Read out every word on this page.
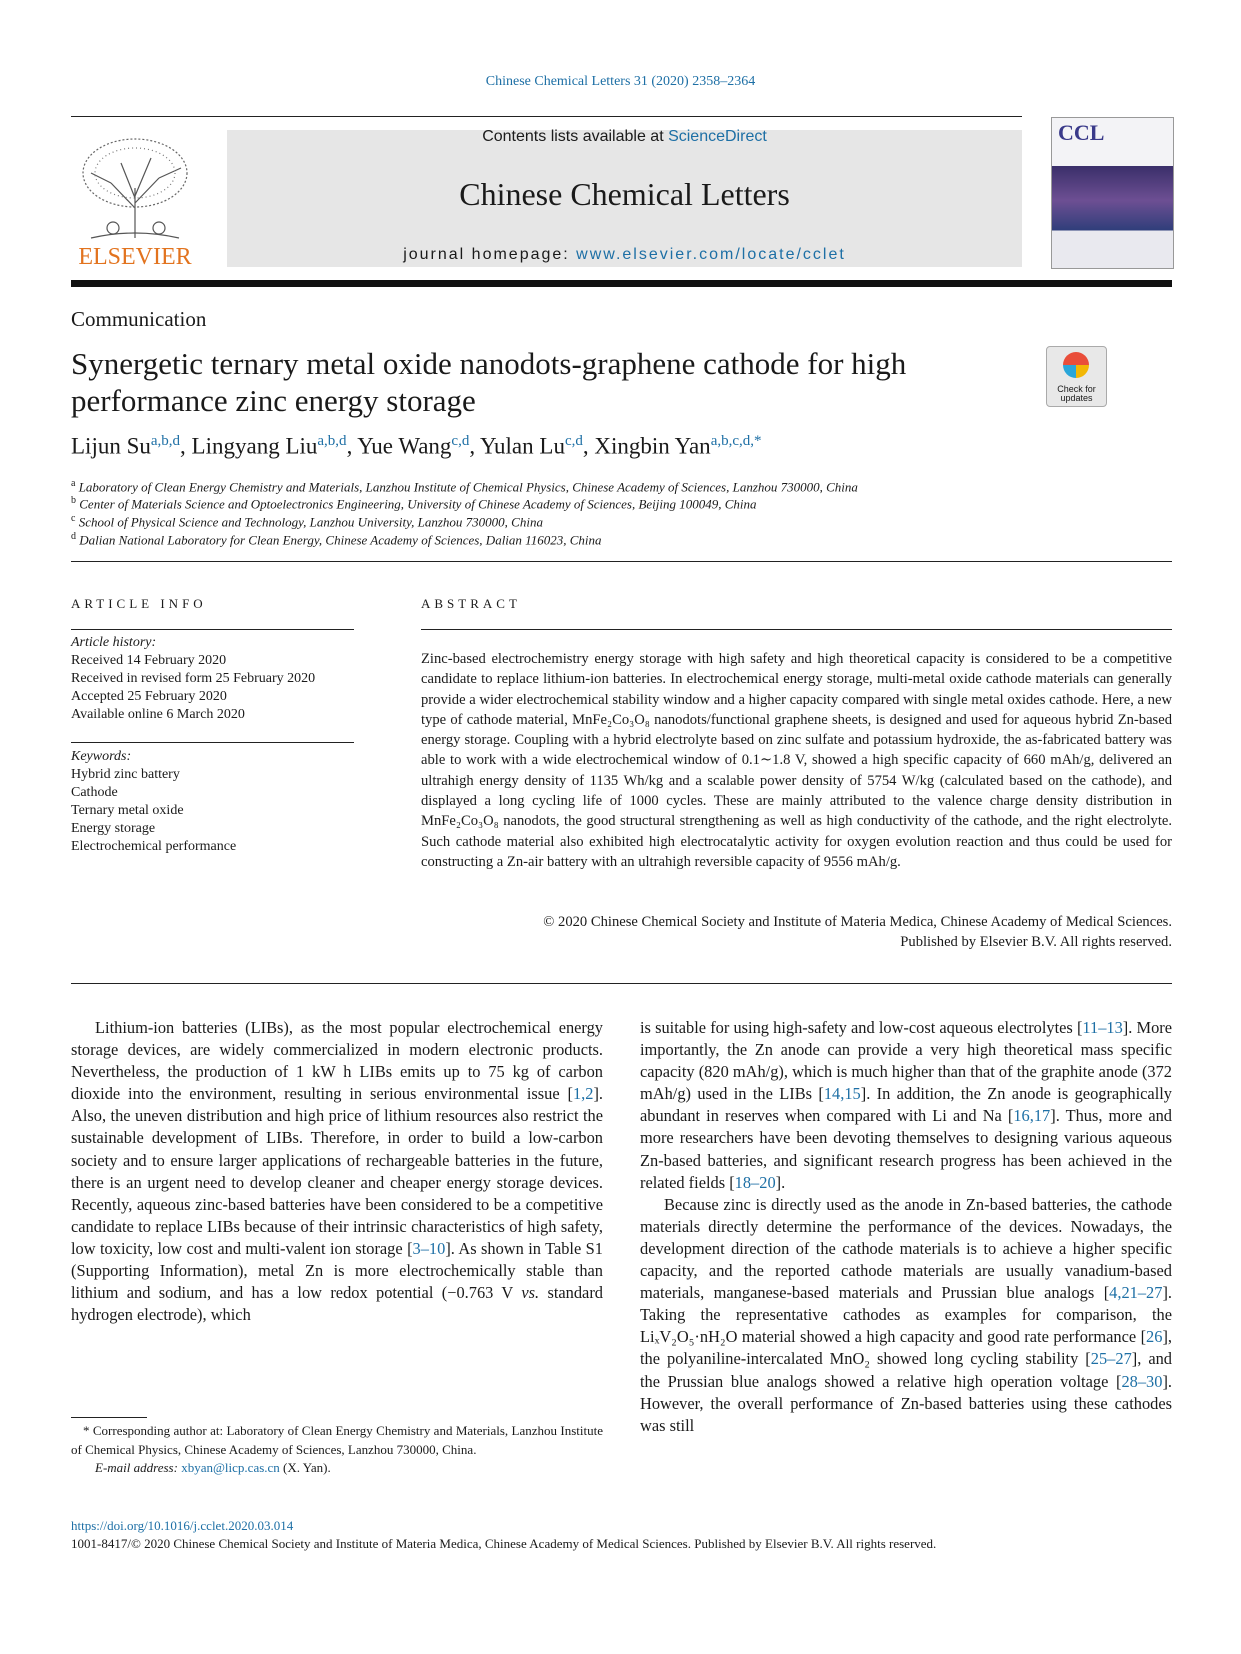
Chinese Chemical Letters 31 (2020) 2358–2364
ELSEVIER
Contents lists available at ScienceDirect
Chinese Chemical Letters
journal homepage: www.elsevier.com/locate/cclet
CCL
Communication
Synergetic ternary metal oxide nanodots-graphene cathode for high performance zinc energy storage	Check for updates
Lijun Su$^{a,b,d}$, Lingyang Liu$^{a,b,d}$, Yue Wang$^{c,d}$, Yulan Lu$^{c,d}$, Xingbin Yan$^{a,b,c,d,*}$
$^a$ Laboratory of Clean Energy Chemistry and Materials, Lanzhou Institute of Chemical Physics, Chinese Academy of Sciences, Lanzhou 730000, China
$^b$ Center of Materials Science and Optoelectronics Engineering, University of Chinese Academy of Sciences, Beijing 100049, China
$^c$ School of Physical Science and Technology, Lanzhou University, Lanzhou 730000, China
$^d$ Dalian National Laboratory for Clean Energy, Chinese Academy of Sciences, Dalian 116023, China
ARTICLE INFO
Article history:
Received 14 February 2020
Received in revised form 25 February 2020
Accepted 25 February 2020
Available online 6 March 2020
Keywords:
Hybrid zinc battery
Cathode
Ternary metal oxide
Energy storage
Electrochemical performance
ABSTRACT
Zinc-based electrochemistry energy storage with high safety and high theoretical capacity is considered to be a competitive candidate to replace lithium-ion batteries. In electrochemical energy storage, multi-metal oxide cathode materials can generally provide a wider electrochemical stability window and a higher capacity compared with single metal oxides cathode. Here, a new type of cathode material, MnFe₂Co₃O₈ nanodots/functional graphene sheets, is designed and used for aqueous hybrid Zn-based energy storage. Coupling with a hybrid electrolyte based on zinc sulfate and potassium hydroxide, the as-fabricated battery was able to work with a wide electrochemical window of 0.1∼1.8 V, showed a high specific capacity of 660 mAh/g, delivered an ultrahigh energy density of 1135 Wh/kg and a scalable power density of 5754 W/kg (calculated based on the cathode), and displayed a long cycling life of 1000 cycles. These are mainly attributed to the valence charge density distribution in MnFe₂Co₃O₈ nanodots, the good structural strengthening as well as high conductivity of the cathode, and the right electrolyte. Such cathode material also exhibited high electrocatalytic activity for oxygen evolution reaction and thus could be used for constructing a Zn-air battery with an ultrahigh reversible capacity of 9556 mAh/g.
© 2020 Chinese Chemical Society and Institute of Materia Medica, Chinese Academy of Medical Sciences.
Published by Elsevier B.V. All rights reserved.
Lithium-ion batteries (LIBs), as the most popular electrochemical energy storage devices, are widely commercialized in modern electronic products. Nevertheless, the production of 1 kW h LIBs emits up to 75 kg of carbon dioxide into the environment, resulting in serious environmental issue [1,2]. Also, the uneven distribution and high price of lithium resources also restrict the sustainable development of LIBs. Therefore, in order to build a low-carbon society and to ensure larger applications of rechargeable batteries in the future, there is an urgent need to develop cleaner and cheaper energy storage devices. Recently, aqueous zinc-based batteries have been considered to be a competitive candidate to replace LIBs because of their intrinsic characteristics of high safety, low toxicity, low cost and multi-valent ion storage [3–10]. As shown in Table S1 (Supporting Information), metal Zn is more electrochemically stable than lithium and sodium, and has a low redox potential (−0.763 V vs. standard hydrogen electrode), which
is suitable for using high-safety and low-cost aqueous electrolytes [11–13]. More importantly, the Zn anode can provide a very high theoretical mass specific capacity (820 mAh/g), which is much higher than that of the graphite anode (372 mAh/g) used in the LIBs [14,15]. In addition, the Zn anode is geographically abundant in reserves when compared with Li and Na [16,17]. Thus, more and more researchers have been devoting themselves to designing various aqueous Zn-based batteries, and significant research progress has been achieved in the related fields [18–20].
Because zinc is directly used as the anode in Zn-based batteries, the cathode materials directly determine the performance of the devices. Nowadays, the development direction of the cathode materials is to achieve a higher specific capacity, and the reported cathode materials are usually vanadium-based materials, manganese-based materials and Prussian blue analogs [4,21–27]. Taking the representative cathodes as examples for comparison, the LiₓV₂O₅·nH₂O material showed a high capacity and good rate performance [26], the polyaniline-intercalated MnO₂ showed long cycling stability [25–27], and the Prussian blue analogs showed a relative high operation voltage [28–30]. However, the overall performance of Zn-based batteries using these cathodes was still
* Corresponding author at: Laboratory of Clean Energy Chemistry and Materials, Lanzhou Institute of Chemical Physics, Chinese Academy of Sciences, Lanzhou 730000, China.
E-mail address: xbyan@licp.cas.cn (X. Yan).
https://doi.org/10.1016/j.cclet.2020.03.014
1001-8417/© 2020 Chinese Chemical Society and Institute of Materia Medica, Chinese Academy of Medical Sciences. Published by Elsevier B.V. All rights reserved.
